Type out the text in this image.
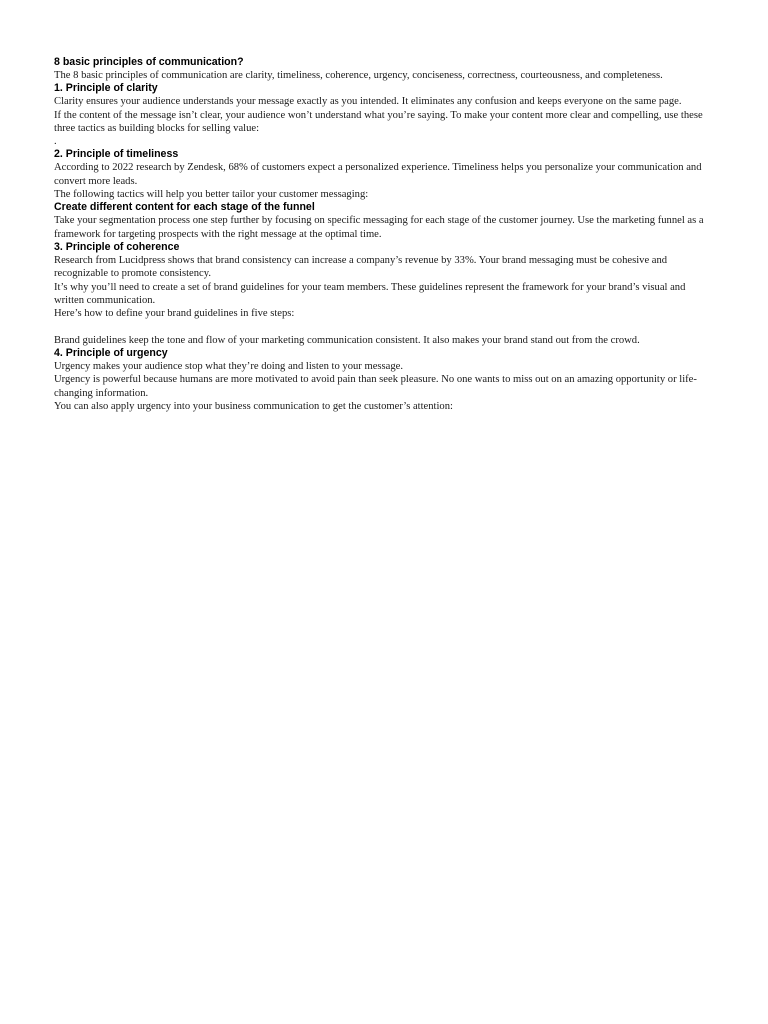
8 basic principles of communication?

The 8 basic principles of communication are clarity, timeliness, coherence, urgency, conciseness, correctness, courteousness, and completeness.

1. Principle of clarity

Clarity ensures your audience understands your message exactly as you intended. It eliminates any confusion and keeps everyone on the same page.

If the content of the message isn’t clear, your audience won’t understand what you’re saying. To make your content more clear and compelling, use these three tactics as building blocks for selling value:

.

2. Principle of timeliness

According to 2022 research by Zendesk, 68% of customers expect a personalized experience. Timeliness helps you personalize your communication and convert more leads.

The following tactics will help you better tailor your customer messaging:

Create different content for each stage of the funnel

Take your segmentation process one step further by focusing on specific messaging for each stage of the customer journey. Use the marketing funnel as a framework for targeting prospects with the right message at the optimal time.

3. Principle of coherence

Research from Lucidpress shows that brand consistency can increase a company’s revenue by 33%. Your brand messaging must be cohesive and recognizable to promote consistency.

It’s why you’ll need to create a set of brand guidelines for your team members. These guidelines represent the framework for your brand’s visual and written communication.

Here’s how to define your brand guidelines in five steps:

Brand guidelines keep the tone and flow of your marketing communication consistent. It also makes your brand stand out from the crowd.

4. Principle of urgency

Urgency makes your audience stop what they’re doing and listen to your message.

Urgency is powerful because humans are more motivated to avoid pain than seek pleasure. No one wants to miss out on an amazing opportunity or life-changing information.

You can also apply urgency into your business communication to get the customer’s attention:
